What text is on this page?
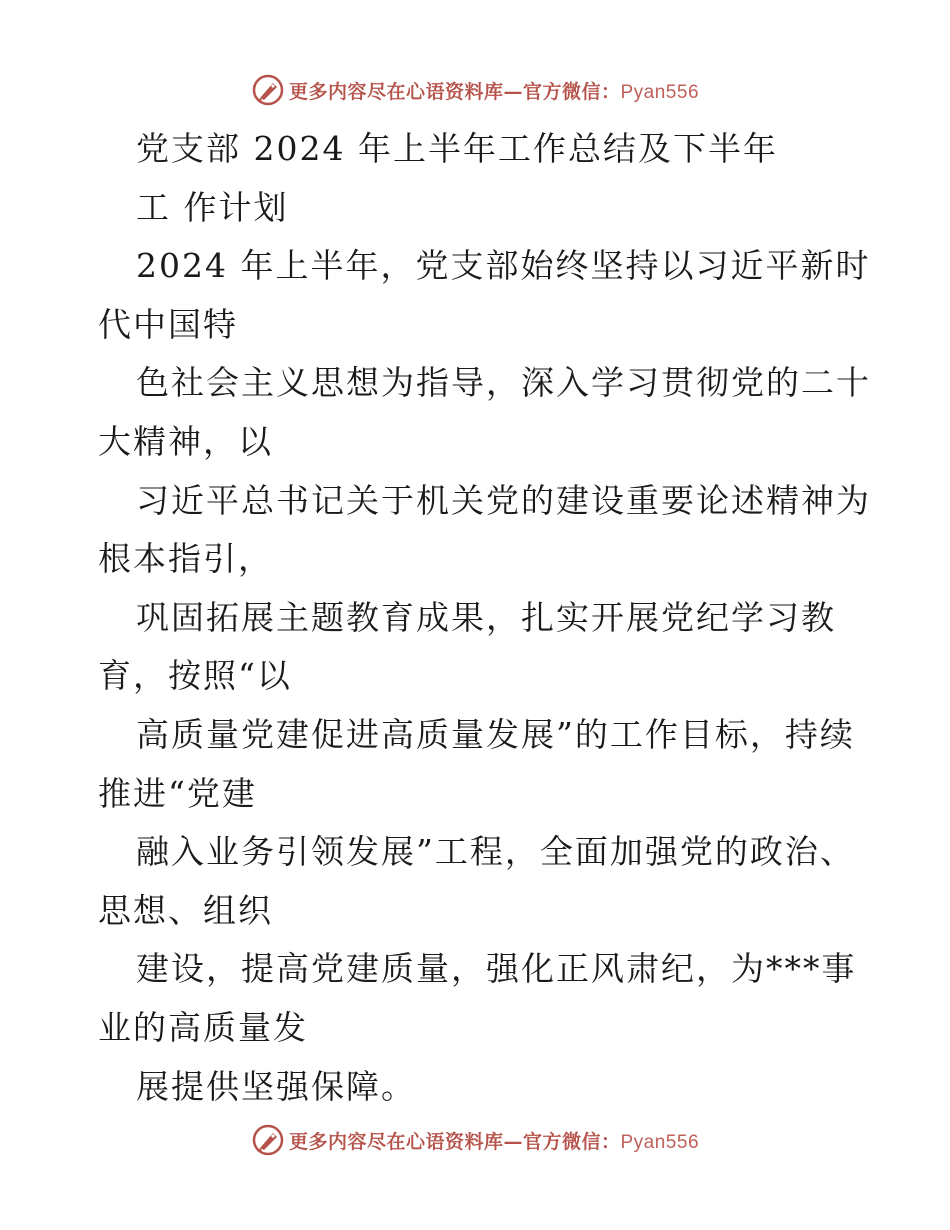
更多内容尽在心语资料库—官方微信：Pyan556
党支部 2024 年上半年工作总结及下半年
工 作计划
2024 年上半年，党支部始终坚持以习近平新时
代中国特
色社会主义思想为指导，深入学习贯彻党的二十
大精神，以
习近平总书记关于机关党的建设重要论述精神为
根本指引，
巩固拓展主题教育成果，扎实开展党纪学习教
育，按照“以
高质量党建促进高质量发展”的工作目标，持续
推进“党建
融入业务引领发展”工程，全面加强党的政治、
思想、组织
建设，提高党建质量，强化正风肃纪，为***事
业的高质量发
展提供坚强保障。
更多内容尽在心语资料库—官方微信：Pyan556
